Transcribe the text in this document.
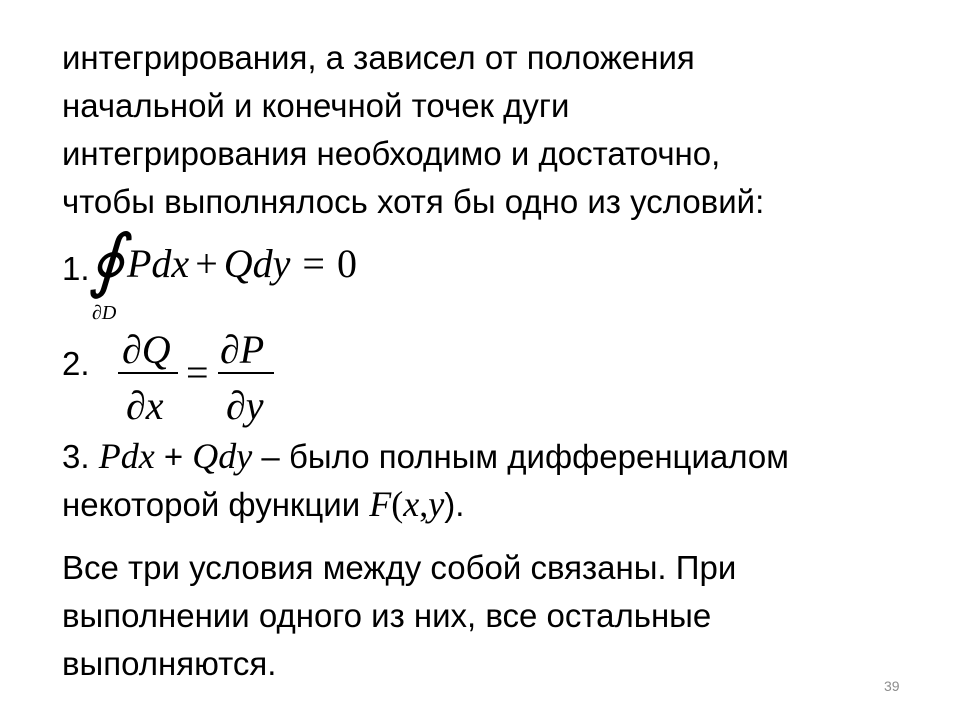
интегрирования, а зависел от положения
начальной и конечной точек дуги
интегрирования необходимо и достаточно,
чтобы выполнялось хотя бы одно из условий:
1.
∮ Pdx + Qdy = 0
∂D
2. ∂Q
∂x
=
∂P
∂y
3. Pdx + Qdy – было полным дифференциалом
некоторой функции F(x,y).
Все три условия между собой связаны. При
выполнении одного из них, все остальные
выполняются.
39
